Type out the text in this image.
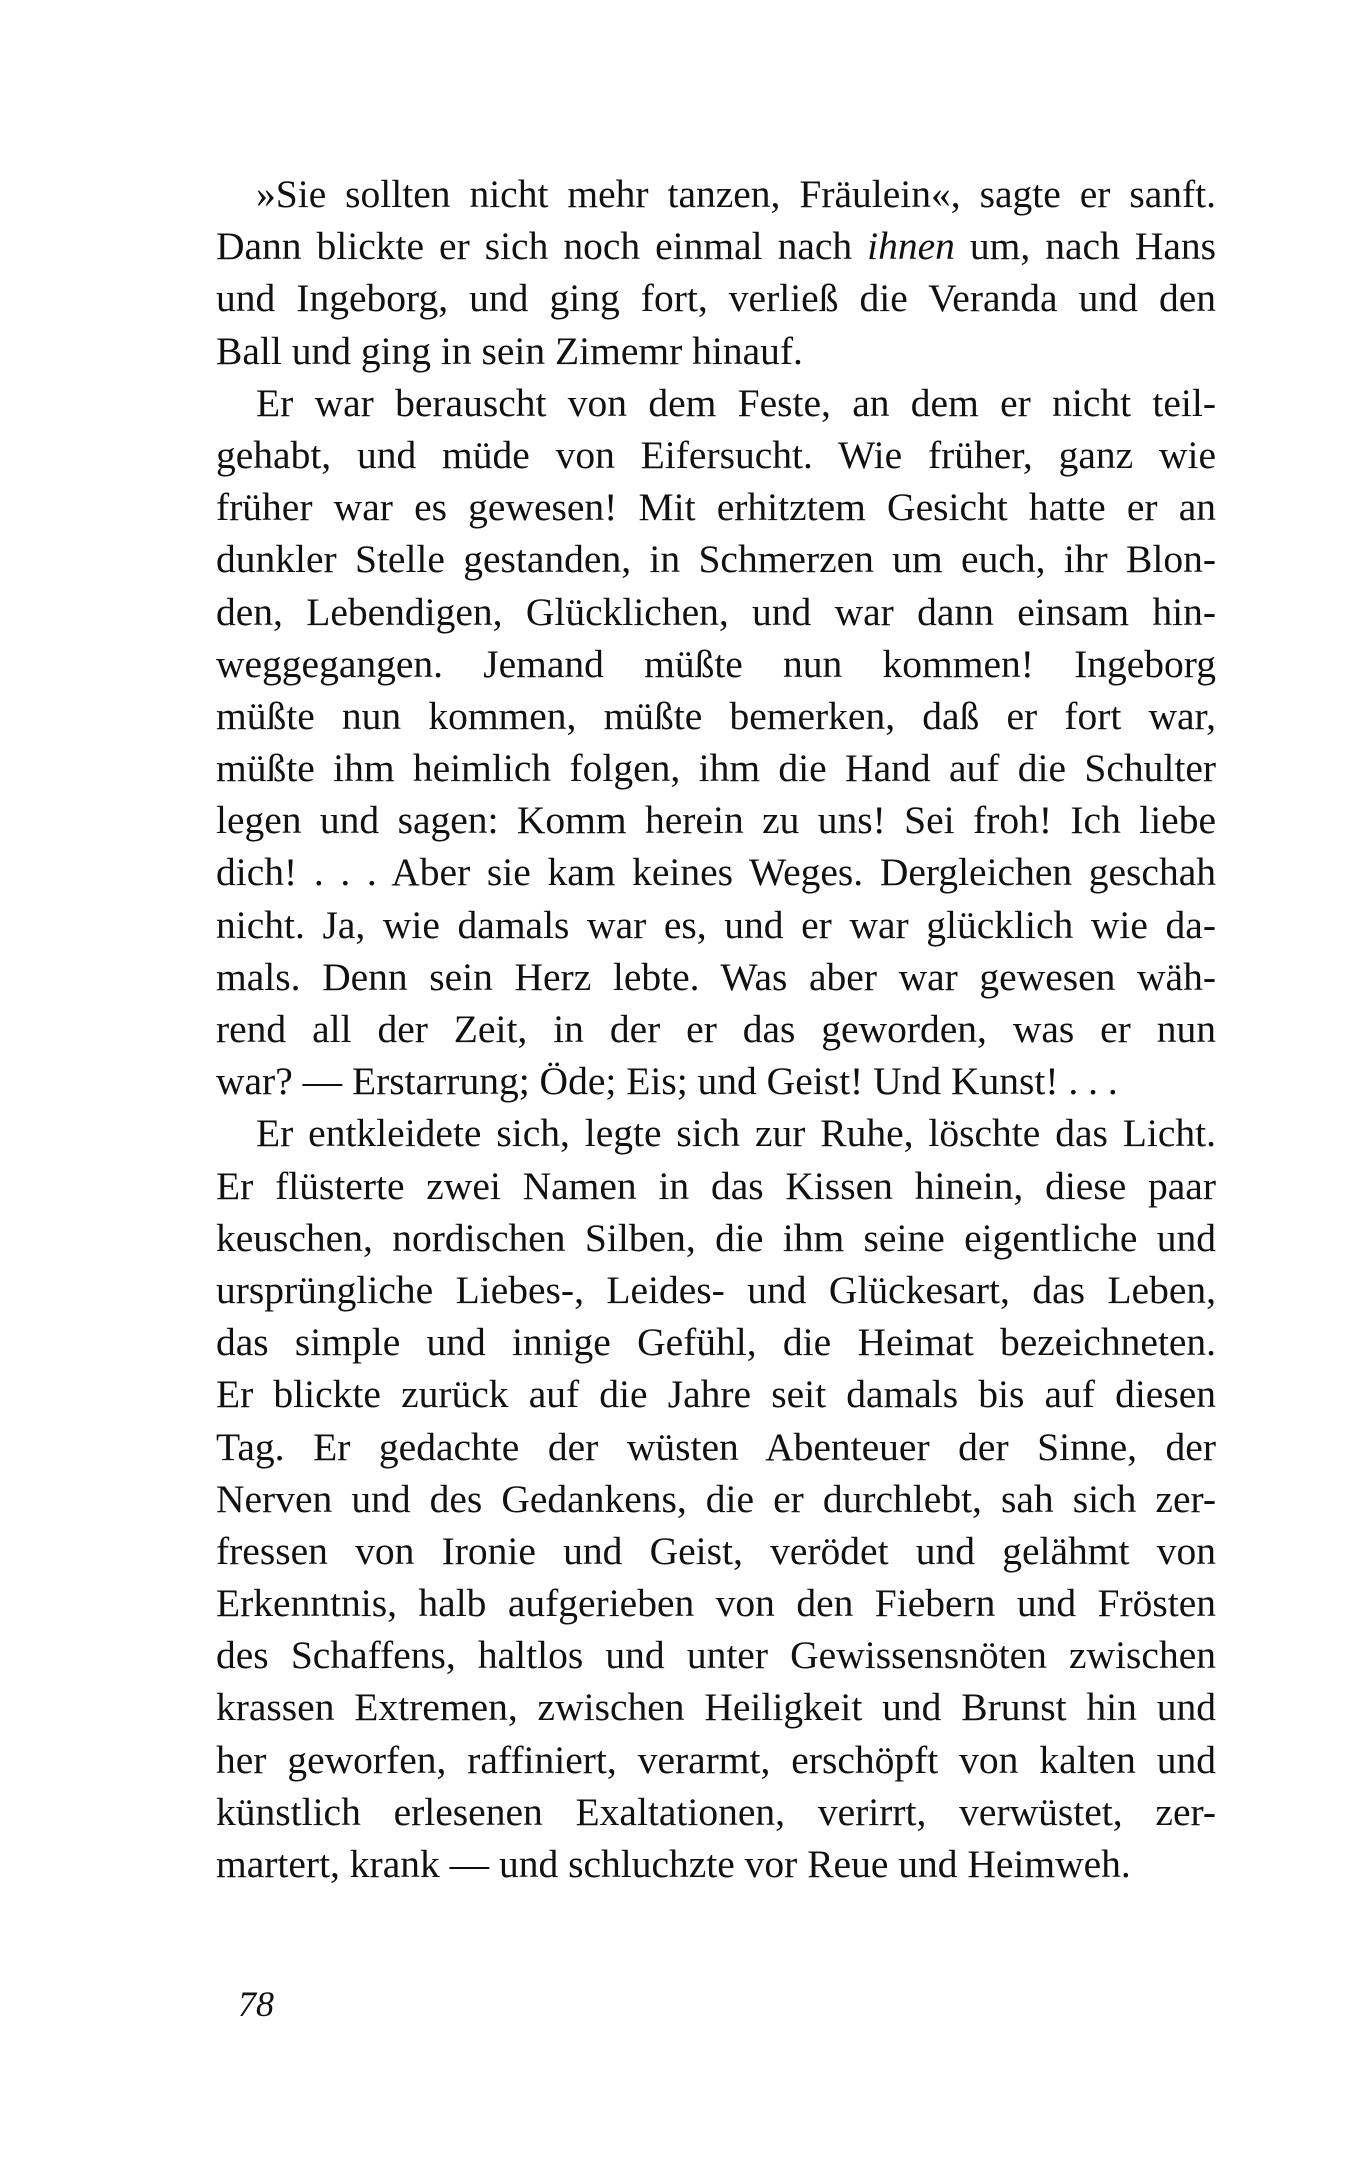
»Sie sollten nicht mehr tanzen, Fräulein«, sagte er sanft.
Dann blickte er sich noch einmal nach ihnen um, nach Hans
und Ingeborg, und ging fort, verließ die Veranda und den
Ball und ging in sein Zimemr hinauf.

Er war berauscht von dem Feste, an dem er nicht teil-
gehabt, und müde von Eifersucht. Wie früher, ganz wie
früher war es gewesen! Mit erhitztem Gesicht hatte er an
dunkler Stelle gestanden, in Schmerzen um euch, ihr Blon-
den, Lebendigen, Glücklichen, und war dann einsam hin-
weggegangen. Jemand müßte nun kommen! Ingeborg
müßte nun kommen, müßte bemerken, daß er fort war,
müßte ihm heimlich folgen, ihm die Hand auf die Schulter
legen und sagen: Komm herein zu uns! Sei froh! Ich liebe
dich! . . . Aber sie kam keines Weges. Dergleichen geschah
nicht. Ja, wie damals war es, und er war glücklich wie da-
mals. Denn sein Herz lebte. Was aber war gewesen wäh-
rend all der Zeit, in der er das geworden, was er nun
war? — Erstarrung; Öde; Eis; und Geist! Und Kunst! . . .

Er entkleidete sich, legte sich zur Ruhe, löschte das Licht.
Er flüsterte zwei Namen in das Kissen hinein, diese paar
keuschen, nordischen Silben, die ihm seine eigentliche und
ursprüngliche Liebes-, Leides- und Glückesart, das Leben,
das simple und innige Gefühl, die Heimat bezeichneten.
Er blickte zurück auf die Jahre seit damals bis auf diesen
Tag. Er gedachte der wüsten Abenteuer der Sinne, der
Nerven und des Gedankens, die er durchlebt, sah sich zer-
fressen von Ironie und Geist, verödet und gelähmt von
Erkenntnis, halb aufgerieben von den Fiebern und Frösten
des Schaffens, haltlos und unter Gewissensnöten zwischen
krassen Extremen, zwischen Heiligkeit und Brunst hin und
her geworfen, raffiniert, verarmt, erschöpft von kalten und
künstlich erlesenen Exaltationen, verirrt, verwüstet, zer-
martert, krank — und schluchzte vor Reue und Heimweh.

78
